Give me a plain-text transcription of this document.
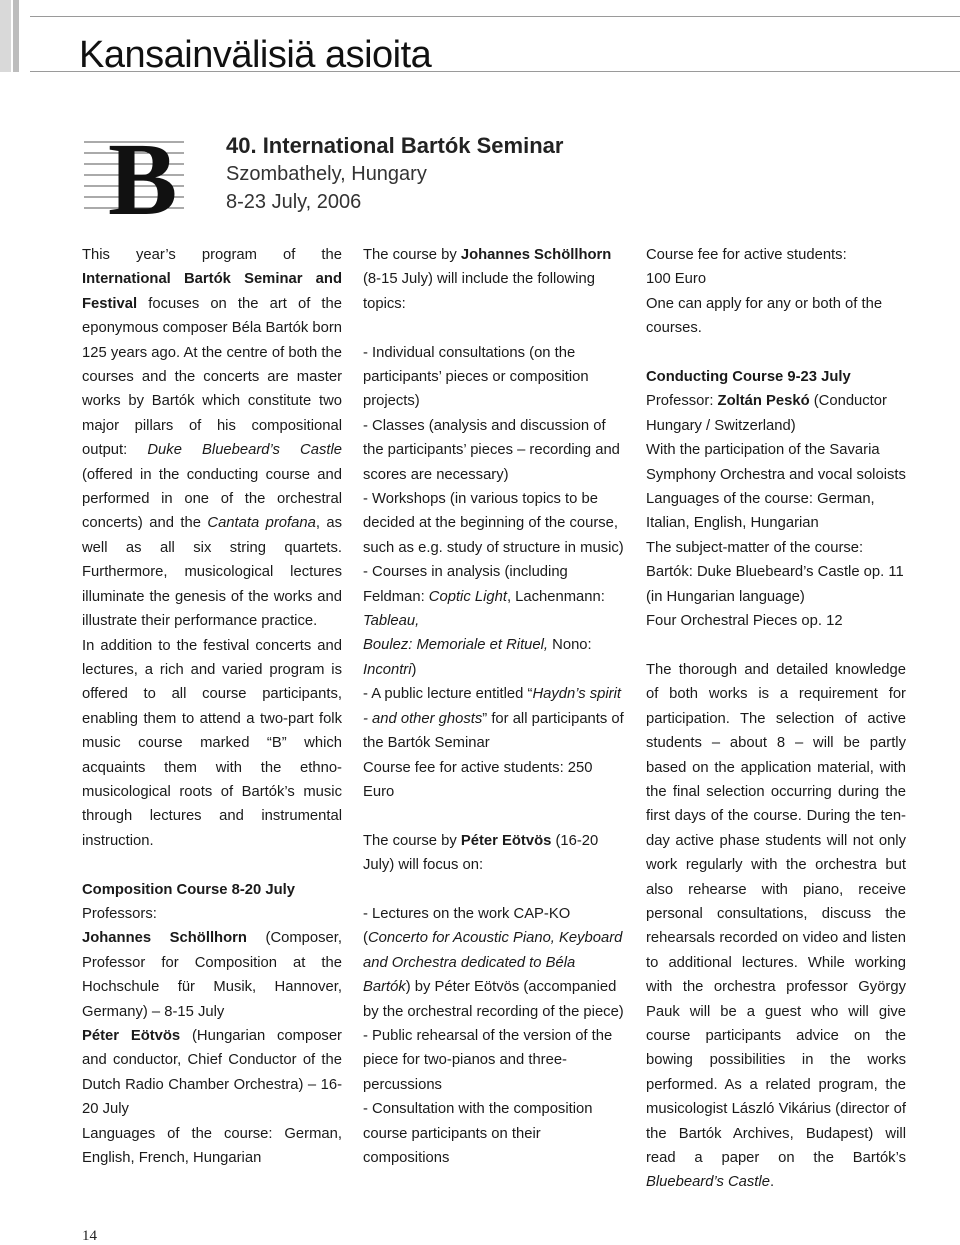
Kansainvälisiä asioita
B 40. International Bartók Seminar
Szombathely, Hungary
8-23 July, 2006

This year’s program of the International Bartók Seminar and Festival focuses on the art of the eponymous composer Béla Bartók born 125 years ago. At the centre of both the courses and the concerts are master works by Bartók which constitute two major pillars of his compositional output: Duke Bluebeard’s Castle (offered in the conducting course and performed in one of the orchestral concerts) and the Cantata profana, as well as all six string quartets. Furthermore, musicological lectures illuminate the genesis of the works and illustrate their performance practice.

In addition to the festival concerts and lectures, a rich and varied program is offered to all course participants, enabling them to attend a two-part folk music course marked “B” which acquaints them with the ethno-musicological roots of Bartók’s music through lectures and instrumental instruction.

Composition Course 8-20 July

Professors:

Johannes Schöllhorn (Composer, Professor for Composition at the Hochschule für Musik, Hannover, Germany) – 8-15 July

Péter Eötvös (Hungarian composer and conductor, Chief Conductor of the Dutch Radio Chamber Orchestra) – 16-20 July

Languages of the course: German, English, French, Hungarian

The course by Johannes Schöllhorn (8-15 July) will include the following topics:

- Individual consultations (on the participants’ pieces or composition projects)

- Classes (analysis and discussion of the participants’ pieces – recording and scores are necessary)

- Workshops (in various topics to be decided at the beginning of the course, such as e.g. study of structure in music)

- Courses in analysis (including Feldman: Coptic Light, Lachenmann: Tableau,
Boulez: Memoriale et Rituel, Nono: Incontri)

- A public lecture entitled “Haydn’s spirit - and other ghosts” for all participants of the Bartók Seminar

Course fee for active students: 250 Euro

The course by Péter Eötvös (16-20 July) will focus on:

- Lectures on the work CAP-KO (Concerto for Acoustic Piano, Keyboard and Orchestra dedicated to Béla Bartók) by Péter Eötvös (accompanied by the orchestral recording of the piece)

- Public rehearsal of the version of the piece for two-pianos and three-percussions

- Consultation with the composition course participants on their compositions

Course fee for active students:

100 Euro

One can apply for any or both of the courses.

Conducting Course 9-23 July

Professor: Zoltán Peskó (Conductor Hungary / Switzerland)

With the participation of the Savaria Symphony Orchestra and vocal soloists

Languages of the course: German, Italian, English, Hungarian

The subject-matter of the course:

Bartók: Duke Bluebeard’s Castle op. 11 (in Hungarian language)

Four Orchestral Pieces op. 12

The thorough and detailed knowledge of both works is a requirement for participation. The selection of active students – about 8 – will be partly based on the application material, with the final selection occurring during the first days of the course. During the ten-day active phase students will not only work regularly with the orchestra but also rehearse with piano, receive personal consultations, discuss the rehearsals recorded on video and listen to additional lectures. While working with the orchestra professor György Pauk will be a guest who will give course participants advice on the bowing possibilities in the works performed. As a related program, the musicologist László Vikárius (director of the Bartók Archives, Budapest) will read a paper on the Bartók’s Bluebeard’s Castle.

14
